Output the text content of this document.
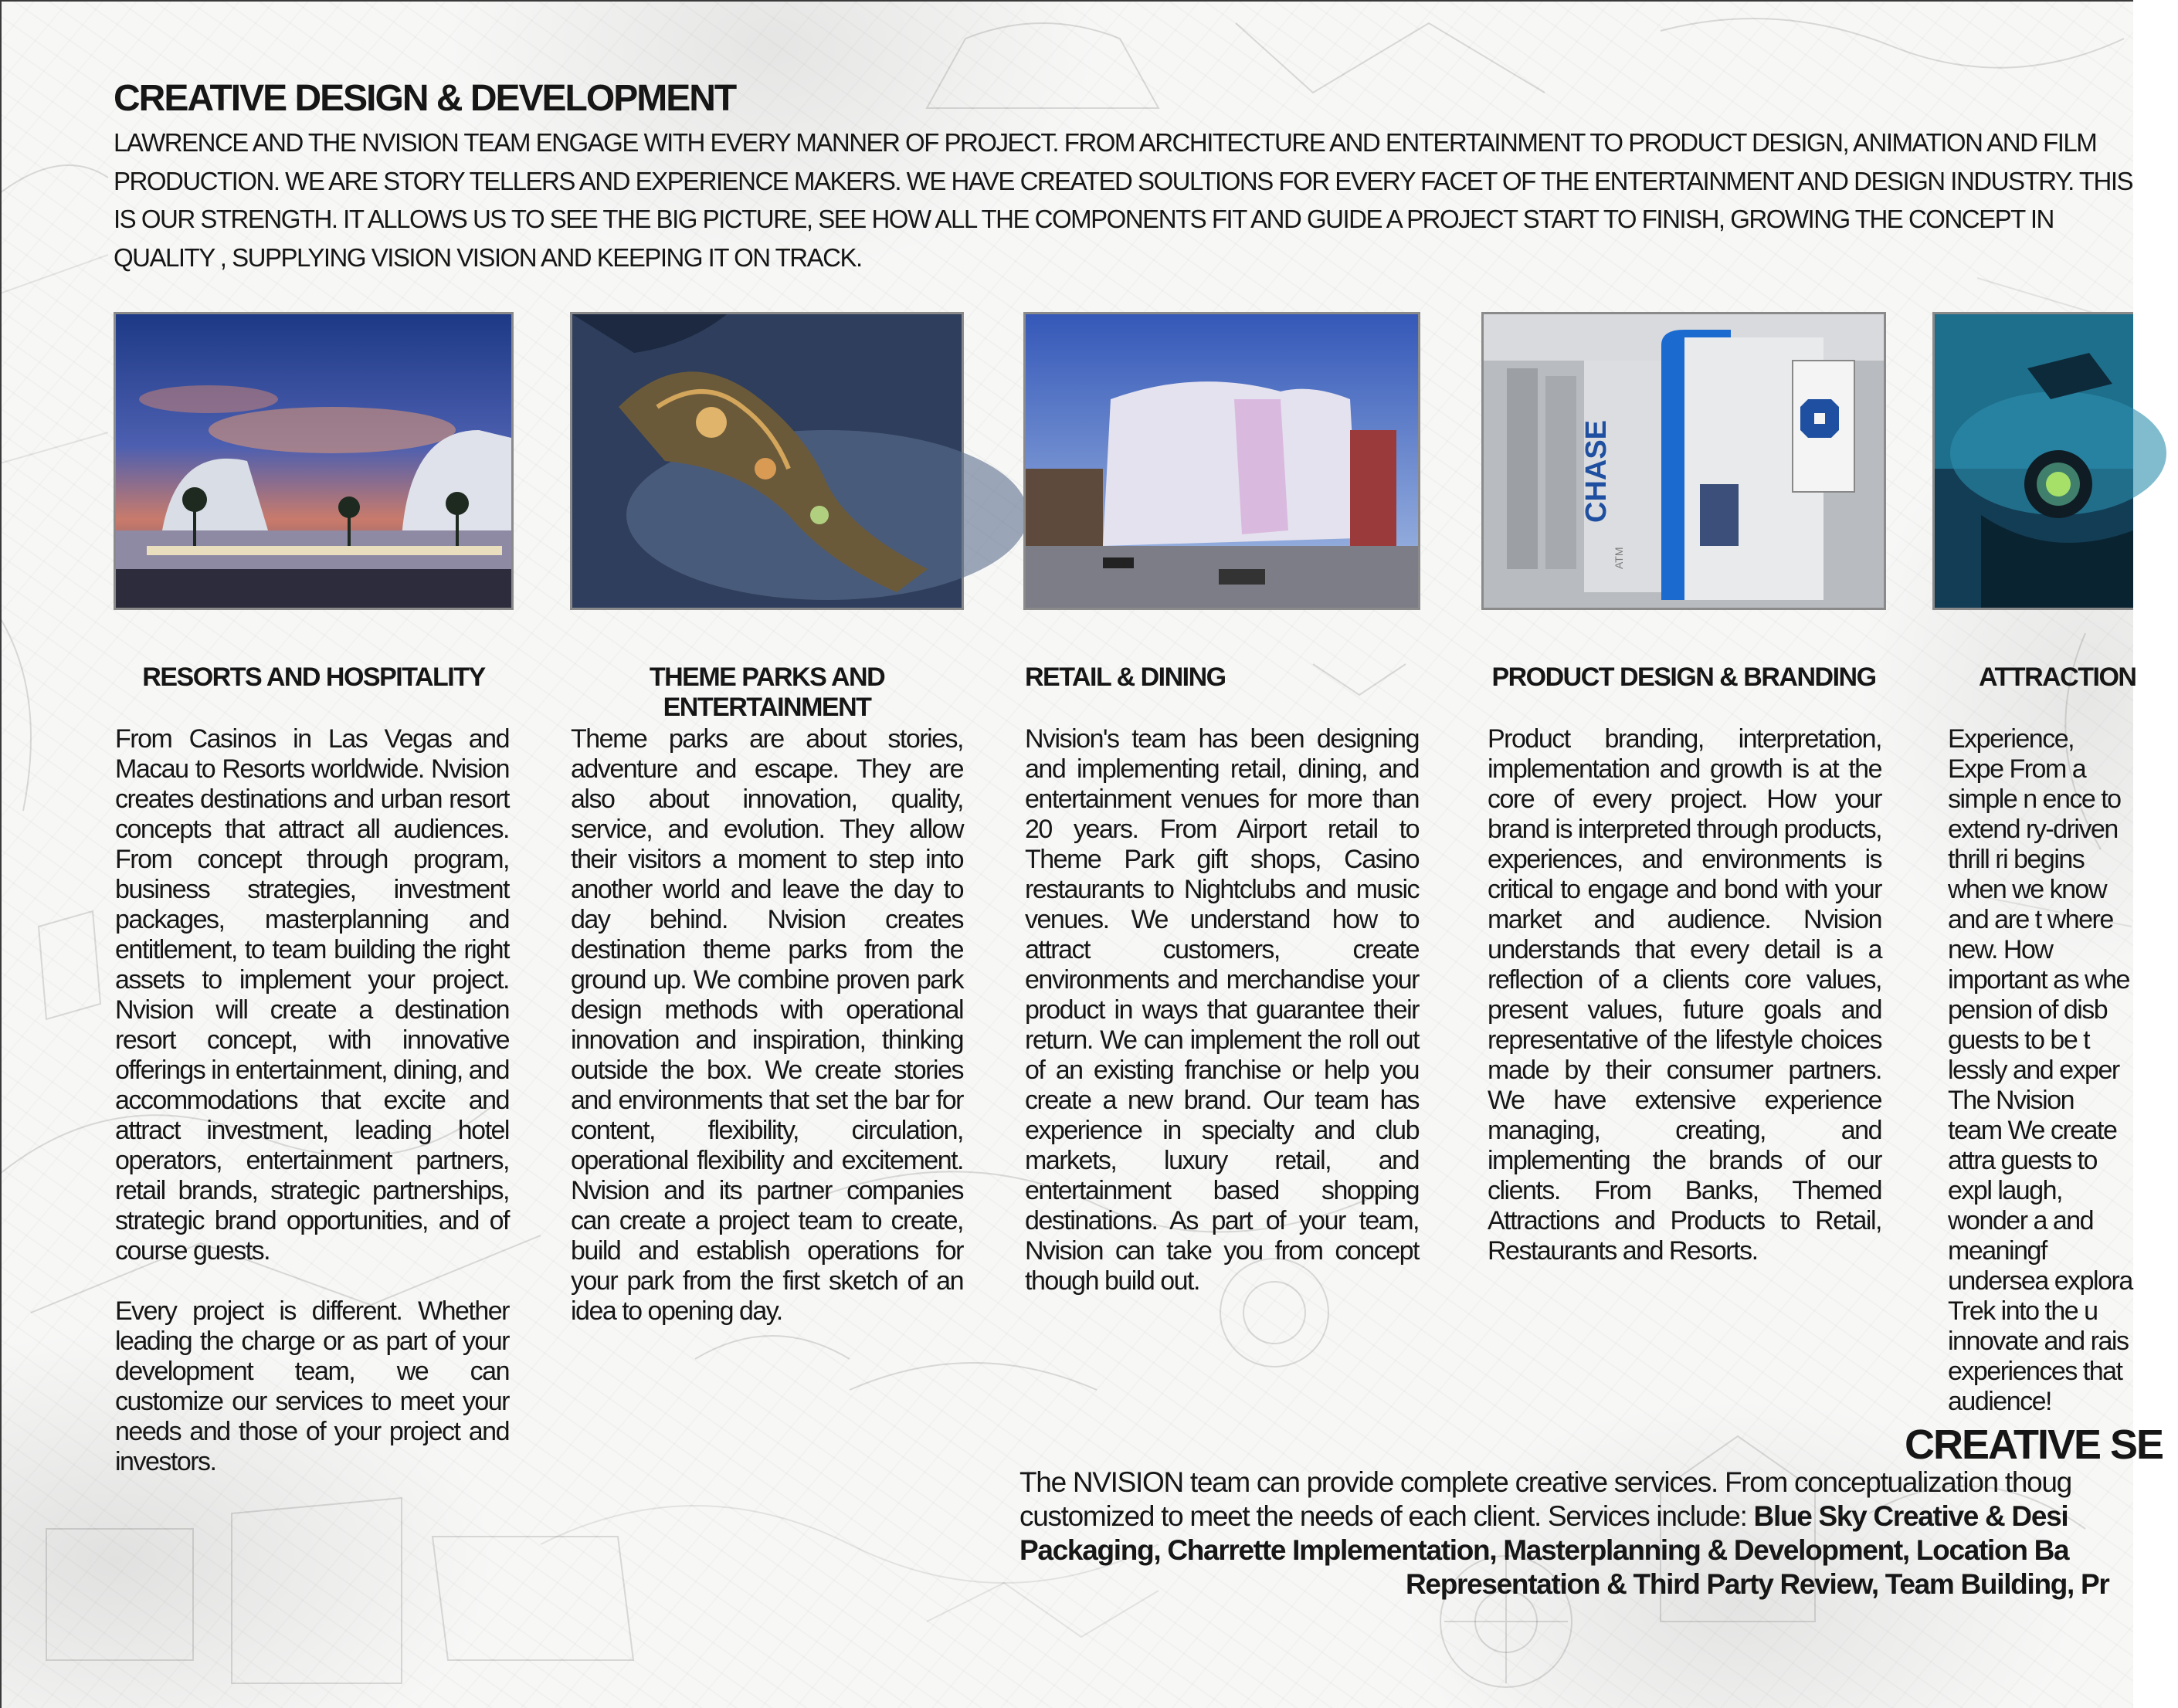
CREATIVE DESIGN & DEVELOPMENT

LAWRENCE AND THE NVISION TEAM ENGAGE WITH EVERY MANNER OF PROJECT. FROM ARCHITECTURE AND ENTERTAINMENT TO PRODUCT DESIGN, ANIMATION AND FILM PRODUCTION. WE ARE STORY TELLERS AND EXPERIENCE MAKERS. WE HAVE CREATED SOULTIONS FOR EVERY FACET OF THE ENTERTAINMENT AND DESIGN INDUSTRY. THIS IS OUR STRENGTH. IT ALLOWS US TO SEE THE BIG PICTURE, SEE HOW ALL THE COMPONENTS FIT AND GUIDE A PROJECT START TO FINISH, GROWING THE CONCEPT IN QUALITY , SUPPLYING VISION VISION AND KEEPING IT ON TRACK.

CHASE
ATM
RESORTS AND HOSPITALITY	THEME PARKS AND ENTERTAINMENT
RETAIL & DINING	PRODUCT DESIGN & BRANDING	ATTRACTION

From Casinos in Las Vegas and Macau to Resorts worldwide. Nvision creates destinations and urban resort concepts that attract all audiences. From concept through program, business strategies, investment packages, masterplanning and entitlement, to team building the right assets to implement your project. Nvision will create a destination resort concept, with innovative offerings in entertainment, dining, and accommodations that excite and attract investment, leading hotel operators, entertainment partners, retail brands, strategic partnerships, strategic brand opportunities, and of course guests.

Every project is different. Whether leading the charge or as part of your development team, we can customize our services to meet your needs and those of your project and investors.

Theme parks are about stories, adventure and escape. They are also about innovation, quality, service, and evolution. They allow their visitors a moment to step into another world and leave the day to day behind. Nvision creates destination theme parks from the ground up. We combine proven park design methods with operational innovation and inspiration, thinking outside the box. We create stories and environments that set the bar for content, flexibility, circulation, operational flexibility and excitement. Nvision and its partner companies can create a project team to create, build and establish operations for your park from the first sketch of an idea to opening day.

Nvision's team has been designing and implementing retail, dining, and entertainment venues for more than 20 years. From Airport retail to Theme Park gift shops, Casino restaurants to Nightclubs and music venues. We understand how to attract customers, create environments and merchandise your product in ways that guarantee their return. We can implement the roll out of an existing franchise or help you create a new brand. Our team has experience in specialty and club markets, luxury retail, and entertainment based shopping destinations. As part of your team, Nvision can take you from concept though build out.

Product branding, interpretation, implementation and growth is at the core of every project. How your brand is interpreted through products, experiences, and environments is critical to engage and bond with your market and audience. Nvision understands that every detail is a reflection of a clients core values, present values, future goals and representative of the lifestyle choices made by their consumer partners. We have extensive experience managing, creating, and implementing the brands of our clients. From Banks, Themed Attractions and Products to Retail, Restaurants and Resorts.

Experience, Expe From a simple n ence to extend ry-driven thrill ri begins when we know and are t where new. How important as whe pension of disb guests to be t lessly and exper The Nvision team We create attra guests to expl laugh, wonder a and meaningf undersea explora Trek into the u innovate and rais experiences that audience!

CREATIVE SE
The NVISION team can provide complete creative services. From conceptualization thoug
customized to meet the needs of each client. Services include: Blue Sky Creative & Desi
Packaging, Charrette Implementation, Masterplanning & Development, Location Ba
Representation & Third Party Review, Team Building, Pr
